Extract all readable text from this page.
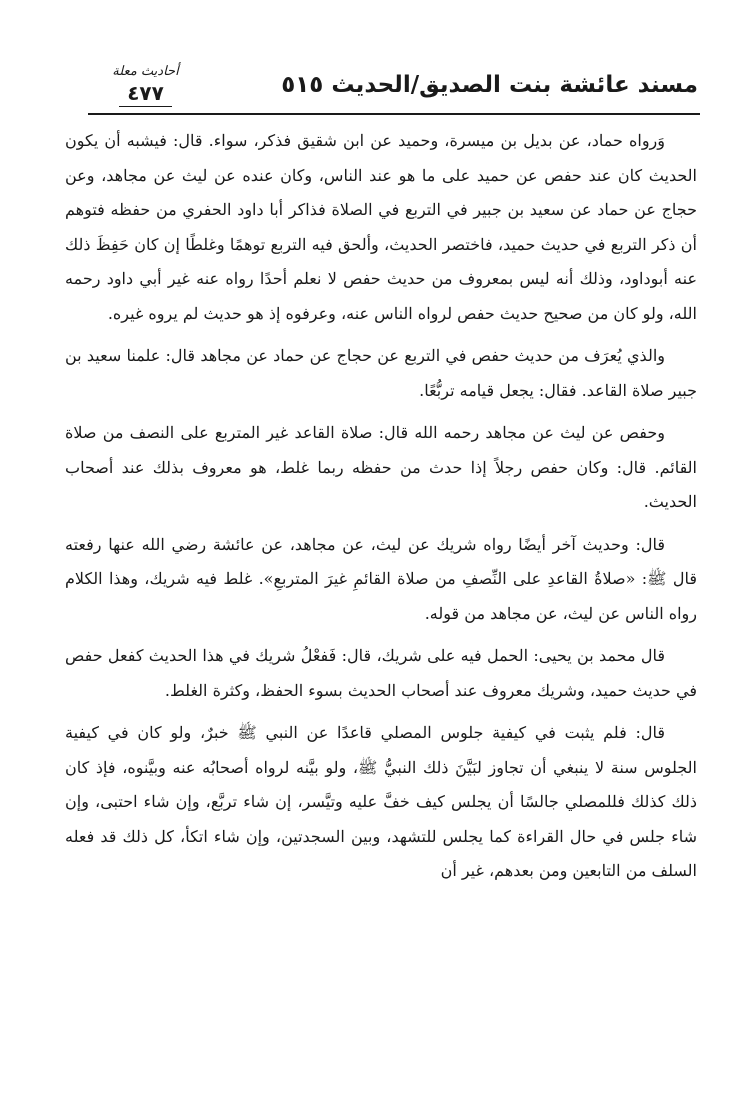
مسند عائشة بنت الصديق/الحديث ٥١٥
أحاديث معلة
٤٧٧

وَرواه حماد، عن بديل بن ميسرة، وحميد عن ابن شقيق فذكر، سواء. قال: فيشبه أن يكون الحديث كان عند حفص عن حميد على ما هو عند الناس، وكان عنده عن ليث عن مجاهد، وعن حجاج عن حماد عن سعيد بن جبير في التربع في الصلاة فذاكر أبا داود الحفري من حفظه فتوهم أن ذكر التربع في حديث حميد، فاختصر الحديث، وألحق فيه التربع توهمًا وغلطًا إن كان حَفِظَ ذلك عنه أبوداود، وذلك أنه ليس بمعروف من حديث حفص لا نعلم أحدًا رواه عنه غير أبي داود رحمه الله، ولو كان من صحيح حديث حفص لرواه الناس عنه، وعرفوه إذ هو حديث لم يروه غيره.

والذي يُعرَف من حديث حفص في التربع عن حجاج عن حماد عن مجاهد قال: علمنا سعيد بن جبير صلاة القاعد. فقال: يجعل قيامه تربُّعًا.

وحفص عن ليث عن مجاهد رحمه الله قال: صلاة القاعد غير المتربع على النصف من صلاة القائم. قال: وكان حفص رجلاً إذا حدث من حفظه ربما غلط، هو معروف بذلك عند أصحاب الحديث.

قال: وحديث آخر أيضًا رواه شريك عن ليث، عن مجاهد، عن عائشة رضي الله عنها رفعته قال ﷺ: «صلاةُ القاعدِ على النِّصفِ من صلاة القائمِ غيرَ المتربعِ». غلط فيه شريك، وهذا الكلام رواه الناس عن ليث، عن مجاهد من قوله.

قال محمد بن يحيى: الحمل فيه على شريك، قال: فَفعْلُ شريك في هذا الحديث كفعل حفص في حديث حميد، وشريك معروف عند أصحاب الحديث بسوء الحفظ، وكثرة الغلط.

قال: فلم يثبت في كيفية جلوس المصلي قاعدًا عن النبي ﷺ خبرٌ، ولو كان في كيفية الجلوس سنة لا ينبغي أن تجاوز لبَيَّنَ ذلك النبيُّ ﷺ، ولو بيَّنه لرواه أصحابُه عنه وبيَّنوه، فإذ كان ذلك كذلك فللمصلي جالسًا أن يجلس كيف خفَّ عليه وتيَّسر، إن شاء تربَّع، وإن شاء احتبى، وإن شاء جلس في حال القراءة كما يجلس للتشهد، وبين السجدتين، وإن شاء اتكأ، كل ذلك قد فعله السلف من التابعين ومن بعدهم، غير أن
